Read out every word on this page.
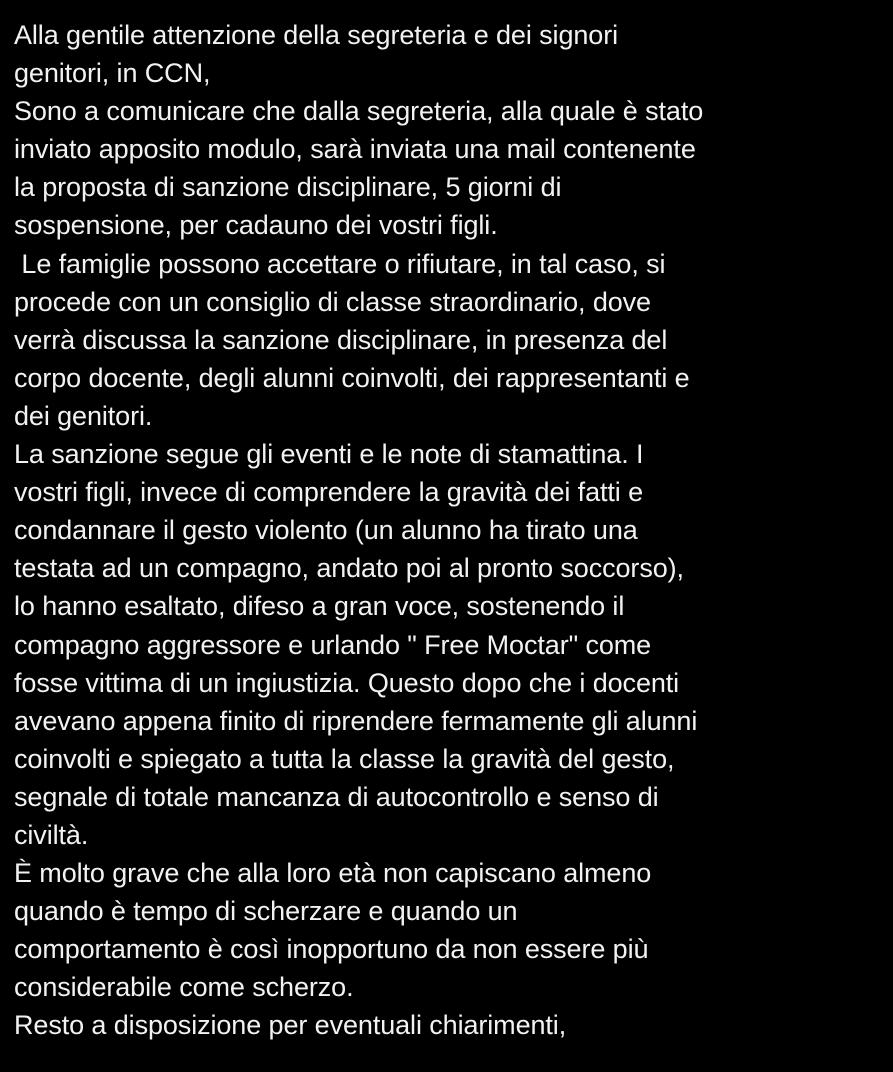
Alla gentile attenzione della segreteria e dei signori
genitori, in CCN,
Sono a comunicare che dalla segreteria, alla quale è stato
inviato apposito modulo, sarà inviata una mail contenente
la proposta di sanzione disciplinare, 5 giorni di
sospensione, per cadauno dei vostri figli.
Le famiglie possono accettare o rifiutare, in tal caso, si
procede con un consiglio di classe straordinario, dove
verrà discussa la sanzione disciplinare, in presenza del
corpo docente, degli alunni coinvolti, dei rappresentanti e
dei genitori.
La sanzione segue gli eventi e le note di stamattina. I
vostri figli, invece di comprendere la gravità dei fatti e
condannare il gesto violento (un alunno ha tirato una
testata ad un compagno, andato poi al pronto soccorso),
lo hanno esaltato, difeso a gran voce, sostenendo il
compagno aggressore e urlando " Free Moctar" come
fosse vittima di un ingiustizia. Questo dopo che i docenti
avevano appena finito di riprendere fermamente gli alunni
coinvolti e spiegato a tutta la classe la gravità del gesto,
segnale di totale mancanza di autocontrollo e senso di
civiltà.
È molto grave che alla loro età non capiscano almeno
quando è tempo di scherzare e quando un
comportamento è così inopportuno da non essere più
considerabile come scherzo.
Resto a disposizione per eventuali chiarimenti,
